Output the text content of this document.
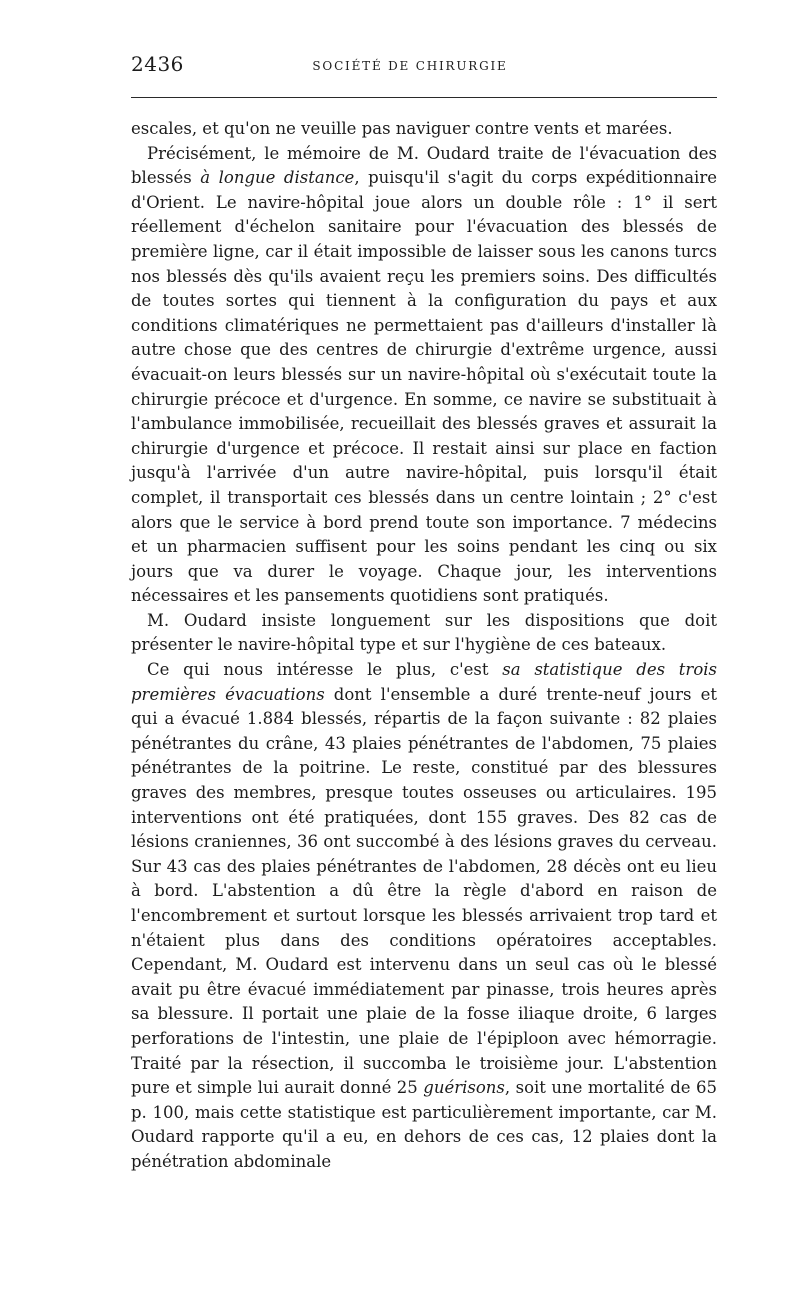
2436	SOCIÉTÉ DE CHIRURGIE

escales, et qu'on ne veuille pas naviguer contre vents et marées.

Précisément, le mémoire de M. Oudard traite de l'évacuation des blessés à longue distance, puisqu'il s'agit du corps expéditionnaire d'Orient. Le navire-hôpital joue alors un double rôle : 1° il sert réellement d'échelon sanitaire pour l'évacuation des blessés de première ligne, car il était impossible de laisser sous les canons turcs nos blessés dès qu'ils avaient reçu les premiers soins. Des difficultés de toutes sortes qui tiennent à la configuration du pays et aux conditions climatériques ne permettaient pas d'ailleurs d'installer là autre chose que des centres de chirurgie d'extrême urgence, aussi évacuait-on leurs blessés sur un navire-hôpital où s'exécutait toute la chirurgie précoce et d'urgence. En somme, ce navire se substituait à l'ambulance immobilisée, recueillait des blessés graves et assurait la chirurgie d'urgence et précoce. Il restait ainsi sur place en faction jusqu'à l'arrivée d'un autre navire-hôpital, puis lorsqu'il était complet, il transportait ces blessés dans un centre lointain ; 2° c'est alors que le service à bord prend toute son importance. 7 médecins et un pharmacien suffisent pour les soins pendant les cinq ou six jours que va durer le voyage. Chaque jour, les interventions nécessaires et les pansements quotidiens sont pratiqués.

M. Oudard insiste longuement sur les dispositions que doit présenter le navire-hôpital type et sur l'hygiène de ces bateaux.

Ce qui nous intéresse le plus, c'est sa statistique des trois premières évacuations dont l'ensemble a duré trente-neuf jours et qui a évacué 1.884 blessés, répartis de la façon suivante : 82 plaies pénétrantes du crâne, 43 plaies pénétrantes de l'abdomen, 75 plaies pénétrantes de la poitrine. Le reste, constitué par des blessures graves des membres, presque toutes osseuses ou articulaires. 195 interventions ont été pratiquées, dont 155 graves. Des 82 cas de lésions craniennes, 36 ont succombé à des lésions graves du cerveau. Sur 43 cas des plaies pénétrantes de l'abdomen, 28 décès ont eu lieu à bord. L'abstention a dû être la règle d'abord en raison de l'encombrement et surtout lorsque les blessés arrivaient trop tard et n'étaient plus dans des conditions opératoires acceptables. Cependant, M. Oudard est intervenu dans un seul cas où le blessé avait pu être évacué immédiatement par pinasse, trois heures après sa blessure. Il portait une plaie de la fosse iliaque droite, 6 larges perforations de l'intestin, une plaie de l'épiploon avec hémorragie. Traité par la résection, il succomba le troisième jour. L'abstention pure et simple lui aurait donné 25 guérisons, soit une mortalité de 65 p. 100, mais cette statistique est particulièrement importante, car M. Oudard rapporte qu'il a eu, en dehors de ces cas, 12 plaies dont la pénétration abdominale
